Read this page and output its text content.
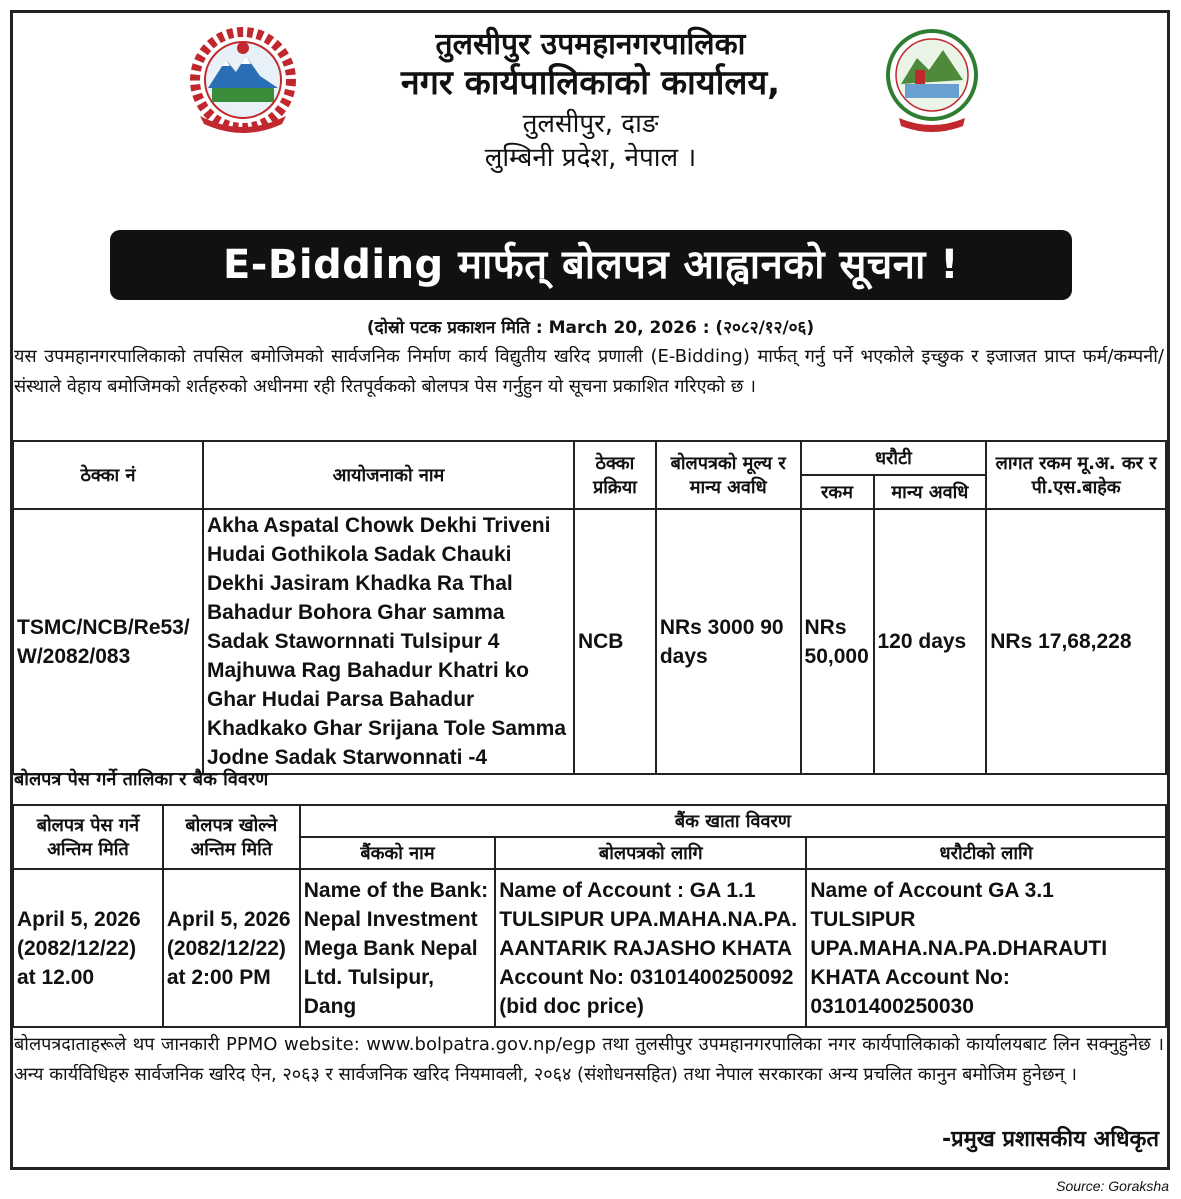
तुलसीपुर उपमहानगरपालिका
नगर कार्यपालिकाको कार्यालय,
तुलसीपुर, दाङ
लुम्बिनी प्रदेश, नेपाल ।
E-Bidding मार्फत् बोलपत्र आह्वानको सूचना !
(दोस्रो पटक प्रकाशन मिति : March 20, 2026 : (२०८२/१२/०६)
यस उपमहानगरपालिकाको तपसिल बमोजिमको सार्वजनिक निर्माण कार्य विद्युतीय खरिद प्रणाली (E-Bidding) मार्फत् गर्नु पर्ने भएकोले इच्छुक र इजाजत प्राप्त फर्म/कम्पनी/संस्थाले वेहाय बमोजिमको शर्तहरुको अधीनमा रही रितपूर्वकको बोलपत्र पेस गर्नुहुन यो सूचना प्रकाशित गरिएको छ ।
ठेक्का नं	आयोजनाको नाम	ठेक्का प्रक्रिया	बोलपत्रको मूल्य र मान्य अवधि	धरौटी		लागत रकम मू.अ. कर र पी.एस.बाहेक
				रकम	मान्य अवधि	
TSMC/NCB/Re53/ W/2082/083	Akha Aspatal Chowk Dekhi Triveni Hudai Gothikola Sadak Chauki Dekhi Jasiram Khadka Ra Thal Bahadur Bohora Ghar samma Sadak Stawornnati Tulsipur 4 Majhuwa Rag Bahadur Khatri ko Ghar Hudai Parsa Bahadur Khadkako Ghar Srijana Tole Samma Jodne Sadak Starwonnati -4	NCB	NRs 3000 90 days	NRs 50,000	120 days	NRs 17,68,228
बोलपत्र पेस गर्ने तालिका र बैक विवरण
बोलपत्र पेस गर्ने अन्तिम मिति	बोलपत्र खोल्ने अन्तिम मिति	बैंक खाता विवरण		
		बैंकको नाम	बोलपत्रको लागि	धरौटीको लागि
April 5, 2026 (2082/12/22) at 12.00	April 5, 2026 (2082/12/22) at 2:00 PM	Name of the Bank: Nepal Investment Mega Bank Nepal Ltd. Tulsipur, Dang	Name of Account : GA 1.1 TULSIPUR UPA.MAHA.NA.PA. AANTARIK RAJASHO KHATA Account No: 03101400250092 (bid doc price)	Name of Account GA 3.1 TULSIPUR UPA.MAHA.NA.PA.DHARAUTI KHATA Account No: 03101400250030
बोलपत्रदाताहरूले थप जानकारी PPMO website: www.bolpatra.gov.np/egp तथा तुलसीपुर उपमहानगरपालिका नगर कार्यपालिकाको कार्यालयबाट लिन सक्नुहुनेछ । अन्य कार्यविधिहरु सार्वजनिक खरिद ऐन, २०६३ र सार्वजनिक खरिद नियमावली, २०६४ (संशोधनसहित) तथा नेपाल सरकारका अन्य प्रचलित कानुन बमोजिम हुनेछन् ।
-प्रमुख प्रशासकीय अधिकृत
Source: Goraksha
